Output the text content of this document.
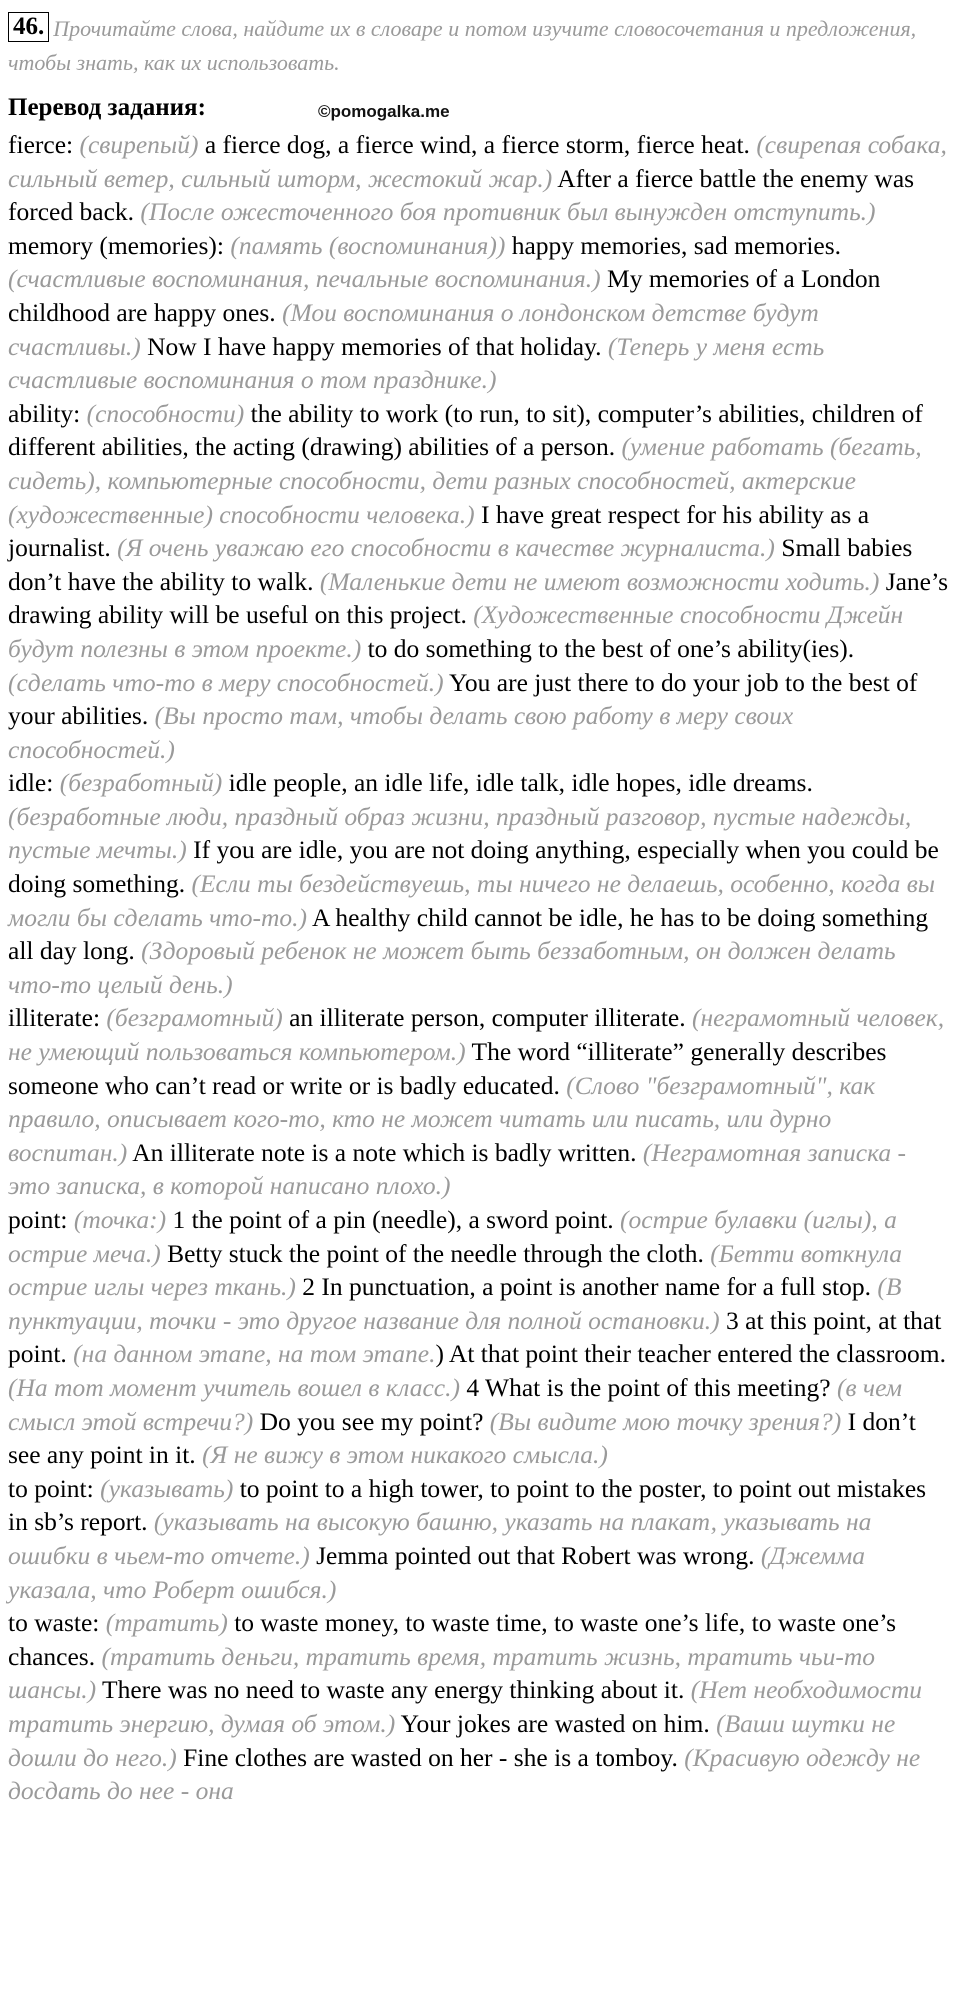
46. Прочитайте слова, найдите их в словаре и потом изучите словосочетания и предложения, чтобы знать, как их использовать.
Перевод задания:	©pomogalka.me

fierce: (свирепый) a fierce dog, a fierce wind, a fierce storm, fierce heat. (свирепая собака, сильный ветер, сильный шторм, жестокий жар.) After a fierce battle the enemy was forced back. (После ожесточенного боя противник был вынужден отступить.)

memory (memories): (память (воспоминания)) happy memories, sad memories. (счастливые воспоминания, печальные воспоминания.) My memories of a London childhood are happy ones. (Мои воспоминания о лондонском детстве будут счастливы.) Now I have happy memories of that holiday. (Теперь у меня есть счастливые воспоминания о том празднике.)

ability: (способности) the ability to work (to run, to sit), computer’s abilities, children of different abilities, the acting (drawing) abilities of a person. (умение работать (бегать, сидеть), компьютерные способности, дети разных способностей, актерские (художественные) способности человека.) I have great respect for his ability as a journalist. (Я очень уважаю его способности в качестве журналиста.) Small babies don’t have the ability to walk. (Маленькие дети не имеют возможности ходить.) Jane’s drawing ability will be useful on this project. (Художественные способности Джейн будут полезны в этом проекте.) to do something to the best of one’s ability(ies). (сделать что-то в меру способностей.) You are just there to do your job to the best of your abilities. (Вы просто там, чтобы делать свою работу в меру своих способностей.)

idle: (безработный) idle people, an idle life, idle talk, idle hopes, idle dreams. (безработные люди, праздный образ жизни, праздный разговор, пустые надежды, пустые мечты.) If you are idle, you are not doing anything, especially when you could be doing something. (Если ты бездействуешь, ты ничего не делаешь, особенно, когда вы могли бы сделать что-то.) A healthy child cannot be idle, he has to be doing something all day long. (Здоровый ребенок не может быть беззаботным, он должен делать что-то целый день.)

illiterate: (безграмотный) an illiterate person, computer illiterate. (неграмотный человек, не умеющий пользоваться компьютером.) The word “illiterate” generally describes someone who can’t read or write or is badly educated. (Слово "безграмотный", как правило, описывает кого-то, кто не может читать или писать, или дурно воспитан.) An illiterate note is a note which is badly written. (Неграмотная записка - это записка, в которой написано плохо.)

point: (точка:) 1 the point of a pin (needle), a sword point. (острие булавки (иглы), а острие меча.) Betty stuck the point of the needle through the cloth. (Бетти воткнула острие иглы через ткань.) 2 In punctuation, a point is another name for a full stop. (В пунктуации, точки - это другое название для полной остановки.) 3 at this point, at that point. (на данном этапе, на том этапе.) At that point their teacher entered the classroom. (На тот момент учитель вошел в класс.) 4 What is the point of this meeting? (в чем смысл этой встречи?) Do you see my point? (Вы видите мою точку зрения?) I don’t see any point in it. (Я не вижу в этом никакого смысла.)

to point: (указывать) to point to a high tower, to point to the poster, to point out mistakes in sb’s report. (указывать на высокую башню, указать на плакат, указывать на ошибки в чьем-то отчете.) Jemma pointed out that Robert was wrong. (Джемма указала, что Роберт ошибся.)

to waste: (тратить) to waste money, to waste time, to waste one’s life, to waste one’s chances. (тратить деньги, тратить время, тратить жизнь, тратить чьи-то шансы.) There was no need to waste any energy thinking about it. (Нет необходимости тратить энергию, думая об этом.) Your jokes are wasted on him. (Ваши шутки не дошли до него.) Fine clothes are wasted on her - she is a tomboy. (Красивую одежду не досдать до нее - она
